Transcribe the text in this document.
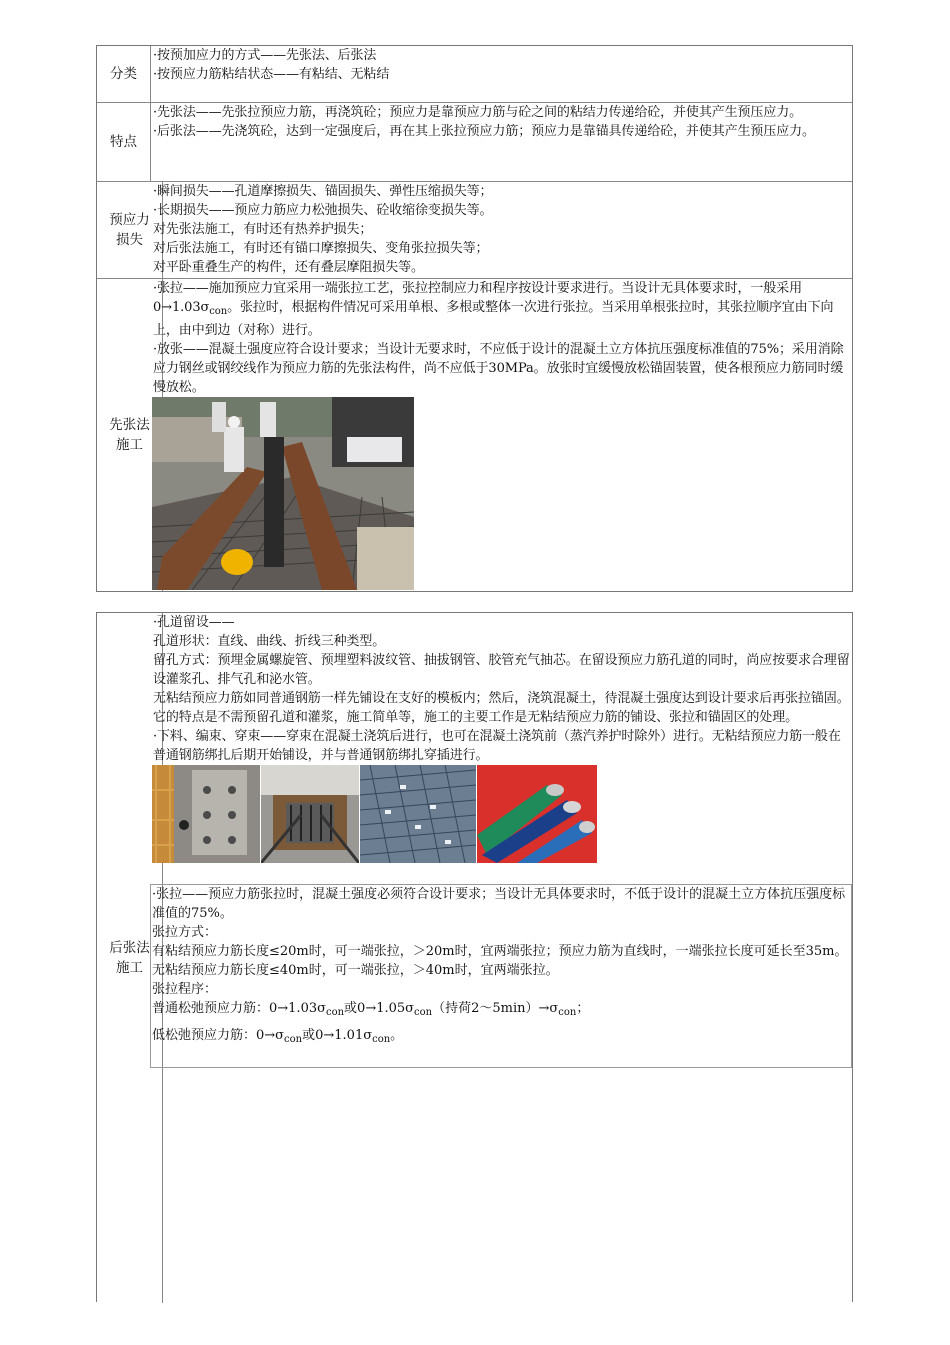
分类

·按预加应力的方式——先张法、后张法

·按预应力筋粘结状态——有粘结、无粘结

特点

·先张法——先张拉预应力筋，再浇筑砼；预应力是靠预应力筋与砼之间的粘结力传递给砼，并使其产生预压应力。

·后张法——先浇筑砼，达到一定强度后，再在其上张拉预应力筋；预应力是靠锚具传递给砼，并使其产生预压应力。

预应力损失

·瞬间损失——孔道摩擦损失、锚固损失、弹性压缩损失等；

·长期损失——预应力筋应力松弛损失、砼收缩徐变损失等。

对先张法施工，有时还有热养护损失；

对后张法施工，有时还有锚口摩擦损失、变角张拉损失等；

对平卧重叠生产的构件，还有叠层摩阻损失等。

先张法施工

·张拉——施加预应力宜采用一端张拉工艺，张拉控制应力和程序按设计要求进行。当设计无具体要求时，一般采用$0\to 1.03\sigma_{con}$。张拉时，根据构件情况可采用单根、多根或整体一次进行张拉。当采用单根张拉时，其张拉顺序宜由下向上，由中到边（对称）进行。

·放张——混凝土强度应符合设计要求；当设计无要求时，不应低于设计的混凝土立方体抗压强度标准值的75%；采用消除应力钢丝或钢绞线作为预应力筋的先张法构件，尚不应低于30MPa。放张时宜缓慢放松锚固装置，使各根预应力筋同时缓慢放松。

后张法施工

·孔道留设——

孔道形状：直线、曲线、折线三种类型。

留孔方式：预埋金属螺旋管、预埋塑料波纹管、抽拔钢管、胶管充气抽芯。在留设预应力筋孔道的同时，尚应按要求合理留设灌浆孔、排气孔和泌水管。

无粘结预应力筋如同普通钢筋一样先铺设在支好的模板内；然后，浇筑混凝土，待混凝土强度达到设计要求后再张拉锚固。它的特点是不需预留孔道和灌浆，施工简单等，施工的主要工作是无粘结预应力筋的铺设、张拉和锚固区的处理。

·下料、编束、穿束——穿束在混凝土浇筑后进行，也可在混凝土浇筑前（蒸汽养护时除外）进行。无粘结预应力筋一般在普通钢筋绑扎后期开始铺设，并与普通钢筋绑扎穿插进行。

·张拉——预应力筋张拉时，混凝土强度必须符合设计要求；当设计无具体要求时，不低于设计的混凝土立方体抗压强度标准值的75%。

张拉方式：

有粘结预应力筋长度≤20m时，可一端张拉，＞20m时，宜两端张拉；预应力筋为直线时，一端张拉长度可延长至35m。

无粘结预应力筋长度≤40m时，可一端张拉，＞40m时，宜两端张拉。

张拉程序：

普通松弛预应力筋：$0\to 1.03\sigma_{con}$或$0\to 1.05\sigma_{con}$（持荷$2\sim 5\min)\to\sigma_{con}$；

低松弛预应力筋：$0\to\sigma_{con}$或$0\to 1.01\sigma_{con}$。
